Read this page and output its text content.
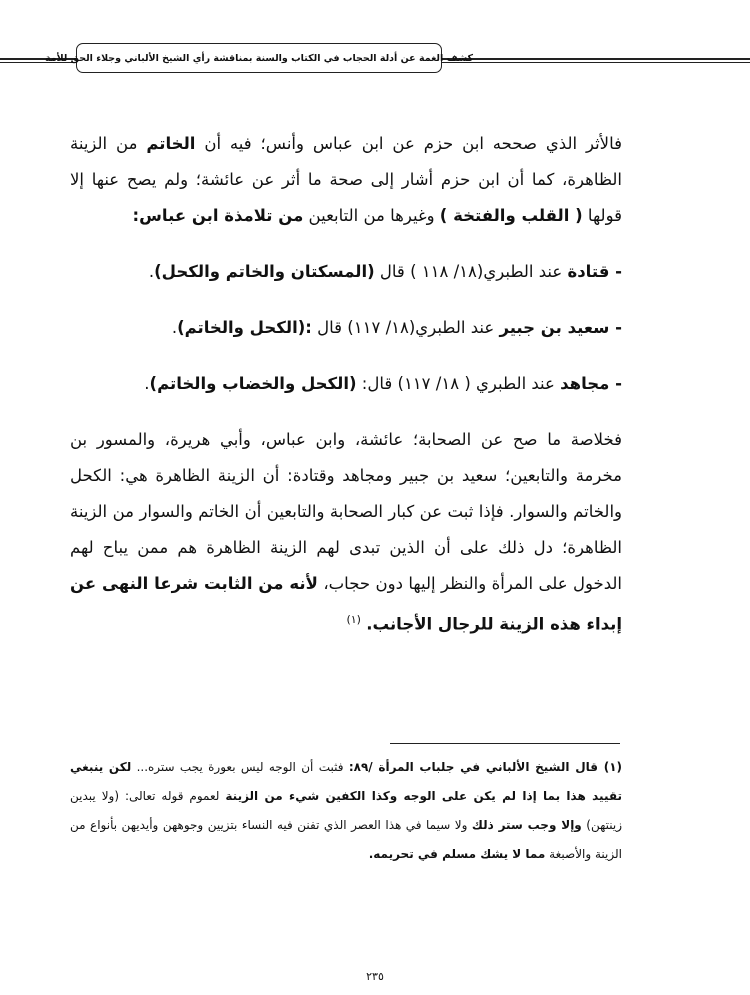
كشف الغمة عن أدلة الحجاب في الكتاب والسنة بمناقشة رأي الشيخ الألباني وجلاء الحق للأمة

فالأثر الذي صححه ابن حزم عن ابن عباس وأنس؛ فيه أن الخاتم من الزينة الظاهرة، كما أن ابن حزم أشار إلى صحة ما أثر عن عائشة؛ ولم يصح عنها إلا قولها ( القلب والفتخة ) وغيرها من التابعين من تلامذة ابن عباس:

- قتادة عند الطبري(١٨/ ١١٨ ) قال (المسكتان والخاتم والكحل).

- سعيد بن جبير عند الطبري(١٨/ ١١٧) قال :(الكحل والخاتم).

- مجاهد عند الطبري ( ١٨/ ١١٧) قال: (الكحل والخضاب والخاتم).

فخلاصة ما صح عن الصحابة؛ عائشة، وابن عباس، وأبي هريرة، والمسور بن مخرمة والتابعين؛ سعيد بن جبير ومجاهد وقتادة: أن الزينة الظاهرة هي: الكحل والخاتم والسوار. فإذا ثبت عن كبار الصحابة والتابعين أن الخاتم والسوار من الزينة الظاهرة؛ دل ذلك على أن الذين تبدى لهم الزينة الظاهرة هم ممن يباح لهم الدخول على المرأة والنظر إليها دون حجاب، لأنه من الثابت شرعا النهى عن إبداء هذه الزينة للرجال الأجانب. $^{(١)}$

(١) قال الشيخ الألباني في جلباب المرأة /٨٩: فثبت أن الوجه ليس بعورة يجب ستره... لكن ينبغي تقييد هذا بما إذا لم يكن على الوجه وكذا الكفين شيء من الزينة لعموم قوله تعالى: (ولا يبدين زينتهن) وإلا وجب ستر ذلك ولا سيما في هذا العصر الذي تفنن فيه النساء بتزيين وجوههن وأيديهن بأنواع من الزينة والأصبغة مما لا يشك مسلم في تحريمه.
٢٣٥
